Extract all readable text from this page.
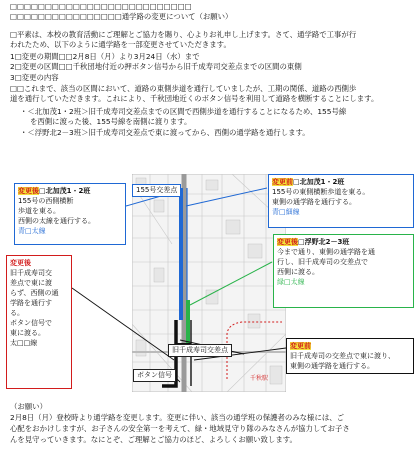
□□□□□□□□□□□□□□□□□□□□□□□□□□
□□□□□□□□□□□□□□□□通学路の変更について（お願い）
□平素は、本校の教育活動にご理解とご協力を賜り、心よりお礼申し上げます。さて、通学路で工事が行
われたため、以下のように通学路を一部変更させていただきます。
1□変更の期間□□2月8日（月）より3月24日（水）まで
2□変更の区間□□千秋団地付近の押ボタン信号から旧千成寿司交差点までの区間の東側
3□変更の内容
□□これまで、該当の区間において、道路の東側歩道を通行していましたが、工期の関係、道路の西側歩
道を通行していただきます。これにより、千秋団地近くのボタン信号を利用して道路を横断することにします。
・＜北加茂1・2班＞旧千成寿司交差点までの区間で西側歩道を通行することになるため、155号線
を西側に渡った後、155号線を南側に渡ります。
・＜浮野北2－3班＞旧千成寿司交差点で東に渡ってから、西側の通学路を通行します。
千秋駅
変更後□北加茂1・2班
155号の西側横断
歩道を東る。
西側の太線を通行する。
青□太線
155号交差点
変更前□北加茂1・2班
155号の東側横断歩道を東る。
東側の通学路を通行する。
青□細線
変更後□浮野北2－3班
今まで通り、東側の通学路を通
行し、旧千成寿司の交差点で
西側に渡る。
緑□太線
変更後
旧千成寿司交
差点で東に渡
らず、西側の通
学路を通行す
る。
ボタン信号で
東に渡る。
太□□線	変更前
旧千成寿司の交差点で東に渡り、
東側の通学路を通行する。
旧千成寿司交差点
ボタン信号
（お願い）
2月8日（月）登校時より通学路を変更します。変更に伴い、該当の通学班の保護者のみな様には、ご
心配をおかけしますが、お子さんの安全第一を考えて、緑・地域見守り隊のみなさんが協力してお子さ
んを見守っていきます。なにとぞ、ご理解とご協力のほど、よろしくお願い致します。
